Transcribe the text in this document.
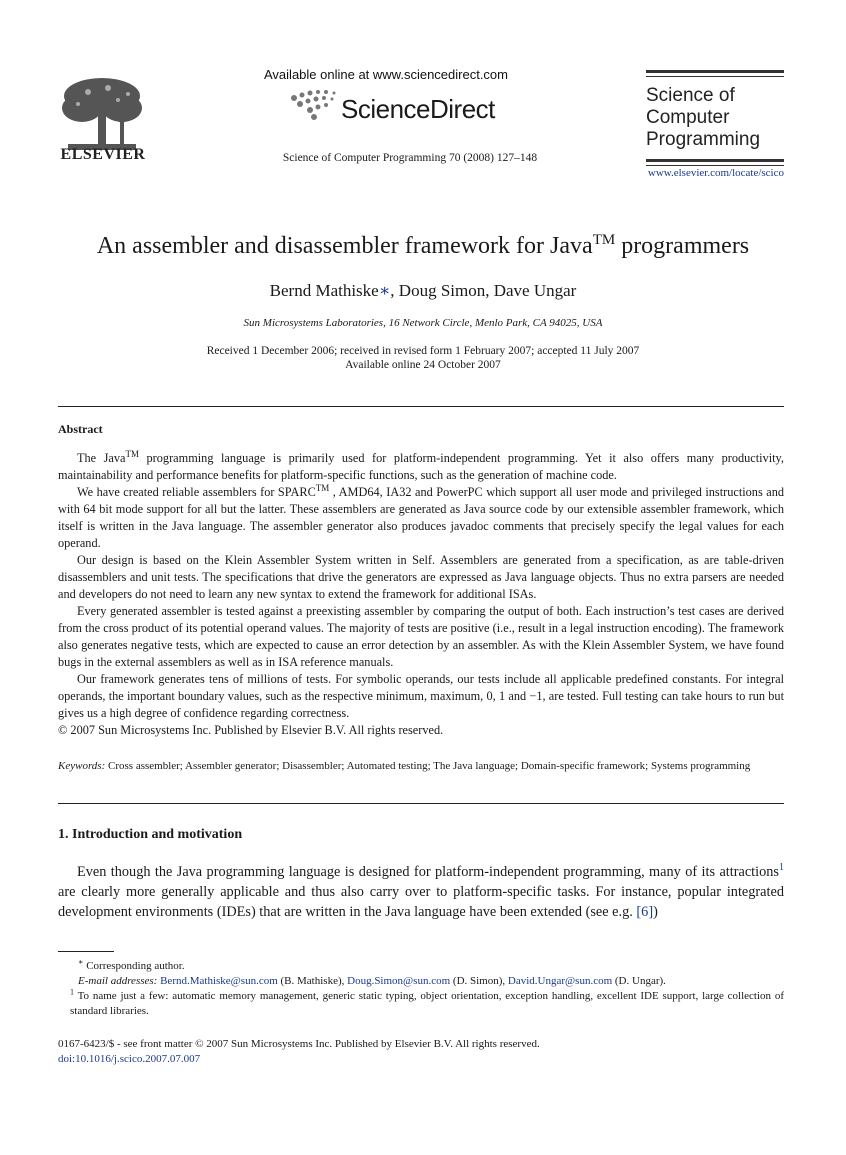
ELSEVIER
Available online at www.sciencedirect.com
ScienceDirect
Science of Computer Programming 70 (2008) 127–148
Science of
Computer
Programming
www.elsevier.com/locate/scico
An assembler and disassembler framework for Java™ programmers
Bernd Mathiske∗, Doug Simon, Dave Ungar
Sun Microsystems Laboratories, 16 Network Circle, Menlo Park, CA 94025, USA
Received 1 December 2006; received in revised form 1 February 2007; accepted 11 July 2007
Available online 24 October 2007
Abstract

The Java™ programming language is primarily used for platform-independent programming. Yet it also offers many productivity, maintainability and performance benefits for platform-specific functions, such as the generation of machine code.

We have created reliable assemblers for SPARC™ , AMD64, IA32 and PowerPC which support all user mode and privileged instructions and with 64 bit mode support for all but the latter. These assemblers are generated as Java source code by our extensible assembler framework, which itself is written in the Java language. The assembler generator also produces javadoc comments that precisely specify the legal values for each operand.

Our design is based on the Klein Assembler System written in Self. Assemblers are generated from a specification, as are table-driven disassemblers and unit tests. The specifications that drive the generators are expressed as Java language objects. Thus no extra parsers are needed and developers do not need to learn any new syntax to extend the framework for additional ISAs.

Every generated assembler is tested against a preexisting assembler by comparing the output of both. Each instruction’s test cases are derived from the cross product of its potential operand values. The majority of tests are positive (i.e., result in a legal instruction encoding). The framework also generates negative tests, which are expected to cause an error detection by an assembler. As with the Klein Assembler System, we have found bugs in the external assemblers as well as in ISA reference manuals.

Our framework generates tens of millions of tests. For symbolic operands, our tests include all applicable predefined constants. For integral operands, the important boundary values, such as the respective minimum, maximum, 0, 1 and −1, are tested. Full testing can take hours to run but gives us a high degree of confidence regarding correctness.

© 2007 Sun Microsystems Inc. Published by Elsevier B.V. All rights reserved.

Keywords: Cross assembler; Assembler generator; Disassembler; Automated testing; The Java language; Domain-specific framework; Systems programming
1. Introduction and motivation

Even though the Java programming language is designed for platform-independent programming, many of its attractions$^1$ are clearly more generally applicable and thus also carry over to platform-specific tasks. For instance, popular integrated development environments (IDEs) that are written in the Java language have been extended (see e.g. [6])

∗ Corresponding author.

E-mail addresses: Bernd.Mathiske@sun.com (B. Mathiske), Doug.Simon@sun.com (D. Simon), David.Ungar@sun.com (D. Ungar).

$^1$ To name just a few: automatic memory management, generic static typing, object orientation, exception handling, excellent IDE support, large collection of standard libraries.

0167-6423/$ - see front matter © 2007 Sun Microsystems Inc. Published by Elsevier B.V. All rights reserved.
doi:10.1016/j.scico.2007.07.007
